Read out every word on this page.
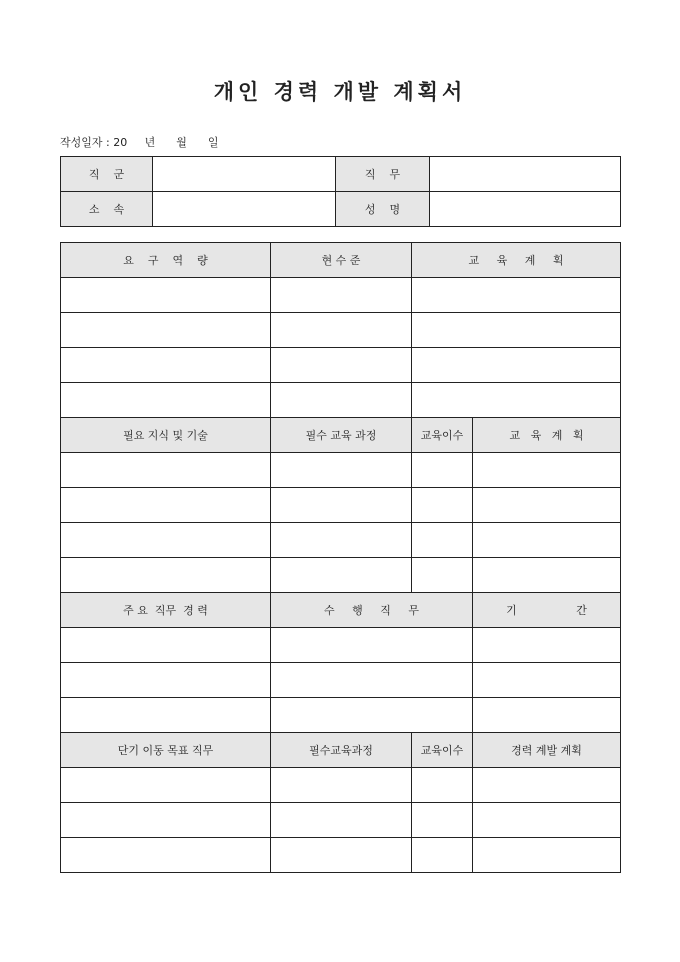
개인 경력 개발 계획서
작성일자 : 20     년      월      일
직    군		직    무	
소    속		성    명	
요    구    역    량	현 수 준	교     육     계     획	

필요 지식 및 기술	필수 교육 과정	교육이수	교   육   계   획

주 요  직무  경 력	수     행     직     무		기                 간

단기 이동 목표 직무	필수교육과정	교육이수	경력 계발 계획
